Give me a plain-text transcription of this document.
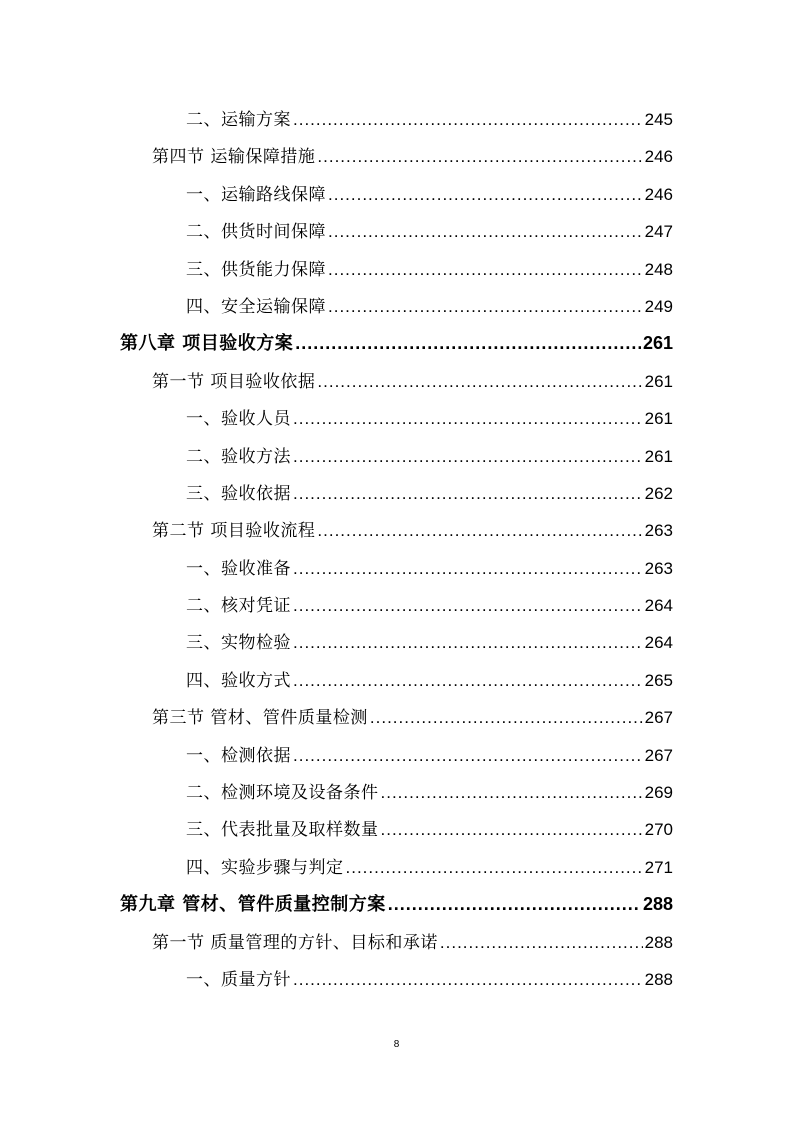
二、运输方案 .....	245
第四节 运输保障措施 .....	246
一、运输路线保障 .....	246
二、供货时间保障 .....	247
三、供货能力保障 .....	248
四、安全运输保障 .....	249
第八章 项目验收方案 .....	261
第一节 项目验收依据 .....	261
一、验收人员 .....	261
二、验收方法 .....	261
三、验收依据 .....	262
第二节 项目验收流程 .....	263
一、验收准备 .....	263
二、核对凭证 .....	264
三、实物检验 .....	264
四、验收方式 .....	265
第三节 管材、管件质量检测 .....	267
一、检测依据 .....	267
二、检测环境及设备条件 .....	269
三、代表批量及取样数量 .....	270
四、实验步骤与判定 .....	271
第九章 管材、管件质量控制方案 .....	288
第一节 质量管理的方针、目标和承诺 .....	288
一、质量方针 .....	288
8
